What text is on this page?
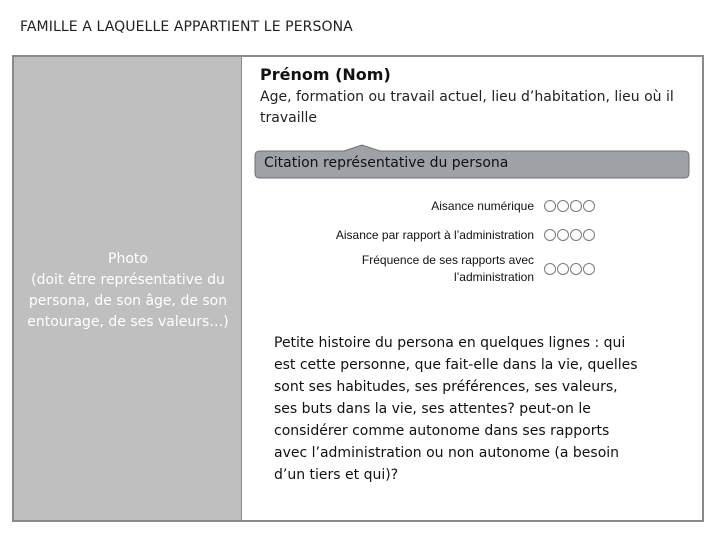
FAMILLE A LAQUELLE APPARTIENT LE PERSONA
Photo
(doit être représentative du
persona, de son âge, de son
entourage, de ses valeurs…)
Prénom (Nom)
Age, formation ou travail actuel, lieu d’habitation, lieu où il travaille
Citation représentative du persona
Aisance numérique
Aisance par rapport à l’administration
Fréquence de ses rapports avec
l’administration
Petite histoire du persona en quelques lignes : qui est cette personne, que fait-elle dans la vie, quelles sont ses habitudes, ses préférences, ses valeurs, ses buts dans la vie, ses attentes? peut-on le considérer comme autonome dans ses rapports avec l’administration ou non autonome (a besoin d’un tiers et qui)?
